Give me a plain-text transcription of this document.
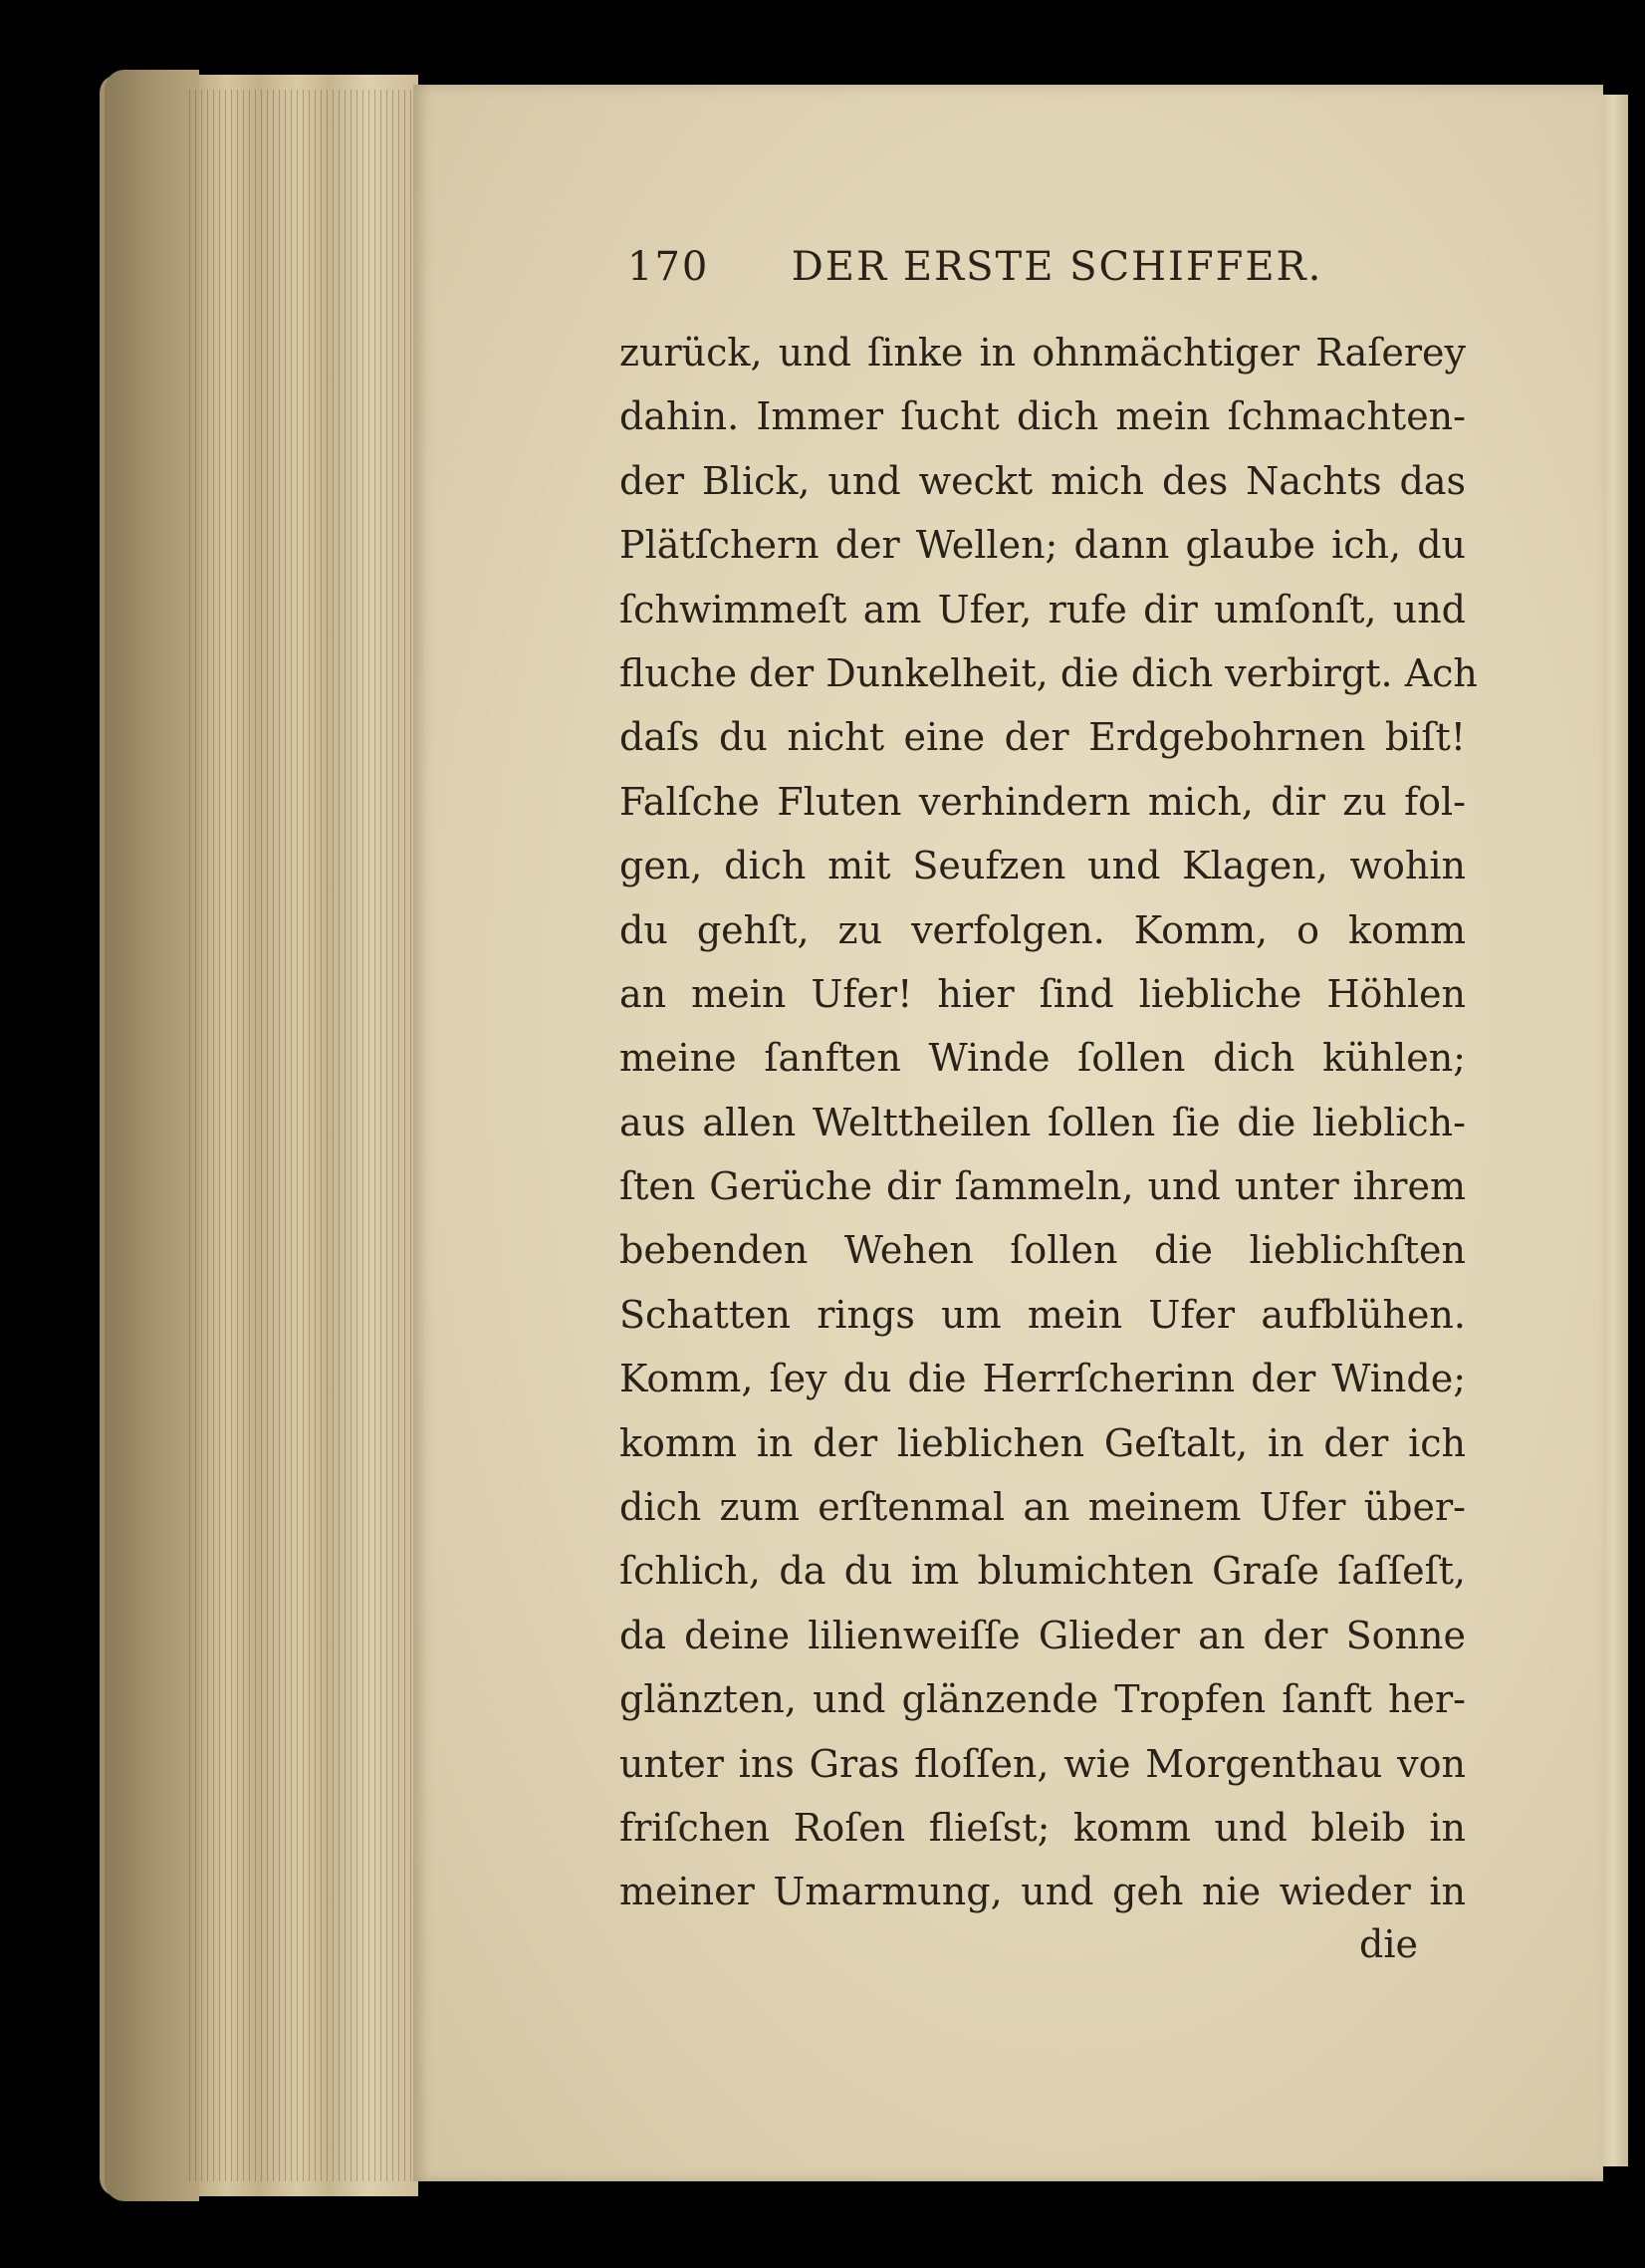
170 DER ERSTE SCHIFFER.
zurück, und ſinke in ohnmächtiger Raſerey
dahin. Immer ſucht dich mein ſchmachten-
der Blick, und weckt mich des Nachts das
Plätſchern der Wellen; dann glaube ich, du
ſchwimmeſt am Ufer, rufe dir umſonſt, und
fluche der Dunkelheit, die dich verbirgt. Ach
daſs du nicht eine der Erdgebohrnen biſt!
Falſche Fluten verhindern mich, dir zu fol-
gen, dich mit Seufzen und Klagen, wohin
du gehſt, zu verfolgen. Komm, o komm
an mein Ufer! hier ſind liebliche Höhlen
meine ſanften Winde ſollen dich kühlen;
aus allen Welttheilen ſollen ſie die lieblich-
ſten Gerüche dir ſammeln, und unter ihrem
bebenden Wehen ſollen die lieblichſten
Schatten rings um mein Ufer aufblühen.
Komm, ſey du die Herrſcherinn der Winde;
komm in der lieblichen Geſtalt, in der ich
dich zum erſtenmal an meinem Ufer über-
ſchlich, da du im blumichten Graſe ſaſſeſt,
da deine lilienweiſſe Glieder an der Sonne
glänzten, und glänzende Tropfen ſanft her-
unter ins Gras floſſen, wie Morgenthau von
friſchen Roſen flieſst; komm und bleib in
meiner Umarmung, und geh nie wieder in
die
